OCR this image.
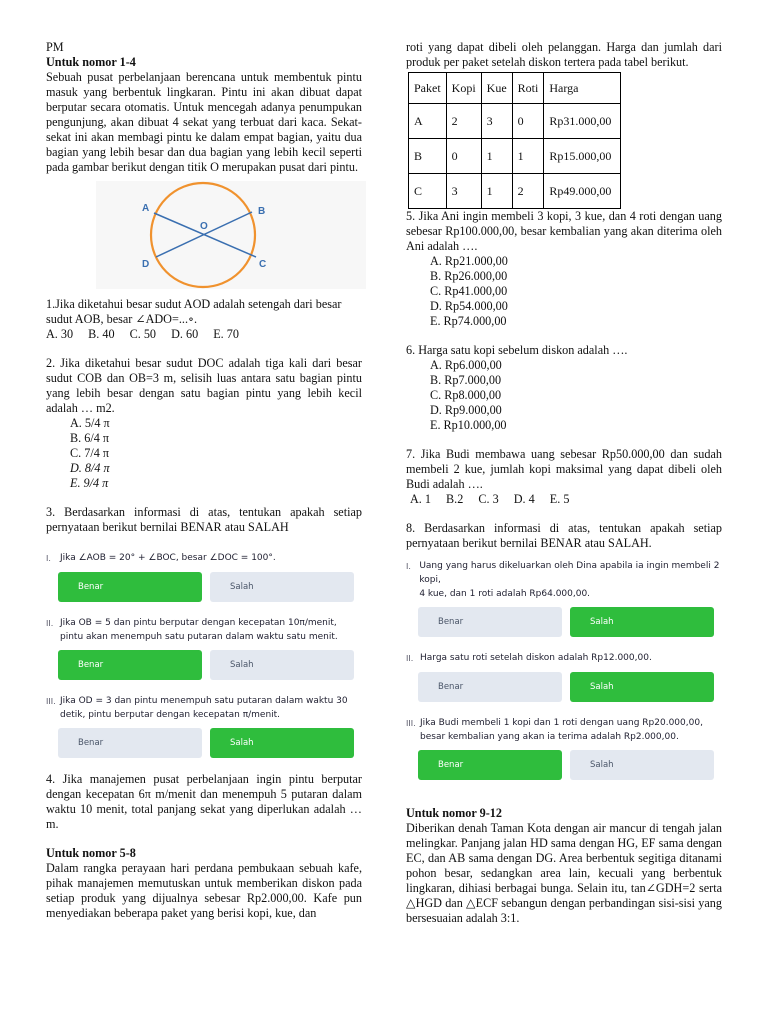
PM

Untuk nomor 1-4

Sebuah pusat perbelanjaan berencana untuk membentuk pintu masuk yang berbentuk lingkaran. Pintu ini akan dibuat dapat berputar secara otomatis. Untuk mencegah adanya penumpukan pengunjung, akan dibuat 4 sekat yang terbuat dari kaca. Sekat-sekat ini akan membagi pintu ke dalam empat bagian, yaitu dua bagian yang lebih besar dan dua bagian yang lebih kecil seperti pada gambar berikut dengan titik O merupakan pusat dari pintu.

A	B
C
D
O

1.Jika diketahui besar sudut AOD adalah setengah dari besar sudut AOB, besar ∠ADO=...∘.

A. 30 B. 40 C. 50 D. 60 E. 70

2. Jika diketahui besar sudut DOC adalah tiga kali dari besar sudut COB dan OB=3 m, selisih luas antara satu bagian pintu yang lebih besar dengan satu bagian pintu yang lebih kecil adalah … m2.

A. 5/4 π
B. 6/4 π
C. 7/4 π
D. 8/4 π
E. 9/4 π

3. Berdasarkan informasi di atas, tentukan apakah setiap pernyataan berikut bernilai BENAR atau SALAH

I.	Jika ∠AOB = 20° + ∠BOC, besar ∠DOC = 100°.
Benar	Salah
II. Jika OB = 5 dan pintu berputar dengan kecepatan 10π/menit,
pintu akan menempuh satu putaran dalam waktu satu menit.
Benar	Salah
III. Jika OD = 3 dan pintu menempuh satu putaran dalam waktu 30
detik, pintu berputar dengan kecepatan π/menit.
Benar	Salah

4. Jika manajemen pusat perbelanjaan ingin pintu berputar dengan kecepatan 6π m/menit dan menempuh 5 putaran dalam waktu 10 menit, total panjang sekat yang diperlukan adalah … m.

Untuk nomor 5-8

Dalam rangka perayaan hari perdana pembukaan sebuah kafe, pihak manajemen memutuskan untuk memberikan diskon pada setiap produk yang dijualnya sebesar Rp2.000,00. Kafe pun menyediakan beberapa paket yang berisi kopi, kue, dan

roti yang dapat dibeli oleh pelanggan. Harga dan jumlah dari produk per paket setelah diskon tertera pada tabel berikut.

Paket	Kopi	Kue	Roti	Harga
A	2	3	0	Rp31.000,00
B	0	1	1	Rp15.000,00
C	3	1	2	Rp49.000,00

5. Jika Ani ingin membeli 3 kopi, 3 kue, dan 4 roti dengan uang sebesar Rp100.000,00, besar kembalian yang akan diterima oleh Ani adalah ….

A. Rp21.000,00
B. Rp26.000,00
C. Rp41.000,00
D. Rp54.000,00
E. Rp74.000,00

6. Harga satu kopi sebelum diskon adalah ….

A. Rp6.000,00
B. Rp7.000,00
C. Rp8.000,00
D. Rp9.000,00
E. Rp10.000,00

7. Jika Budi membawa uang sebesar Rp50.000,00 dan sudah membeli 2 kue, jumlah kopi maksimal yang dapat dibeli oleh Budi adalah ….

A. 1 B.2 C. 3 D. 4 E. 5

8. Berdasarkan informasi di atas, tentukan apakah setiap pernyataan berikut bernilai BENAR atau SALAH.

I. Uang yang harus dikeluarkan oleh Dina apabila ia ingin membeli 2 kopi,
4 kue, dan 1 roti adalah Rp64.000,00.
Benar	Salah
II. Harga satu roti setelah diskon adalah Rp12.000,00.
Benar	Salah
III. Jika Budi membeli 1 kopi dan 1 roti dengan uang Rp20.000,00,
besar kembalian yang akan ia terima adalah Rp2.000,00.
Benar	Salah

Untuk nomor 9-12

Diberikan denah Taman Kota dengan air mancur di tengah jalan melingkar. Panjang jalan HD sama dengan HG, EF sama dengan EC, dan AB sama dengan DG. Area berbentuk segitiga ditanami pohon besar, sedangkan area lain, kecuali yang berbentuk lingkaran, dihiasi berbagai bunga. Selain itu, tan∠GDH=2 serta △HGD dan △ECF sebangun dengan perbandingan sisi-sisi yang bersesuaian adalah 3:1.
